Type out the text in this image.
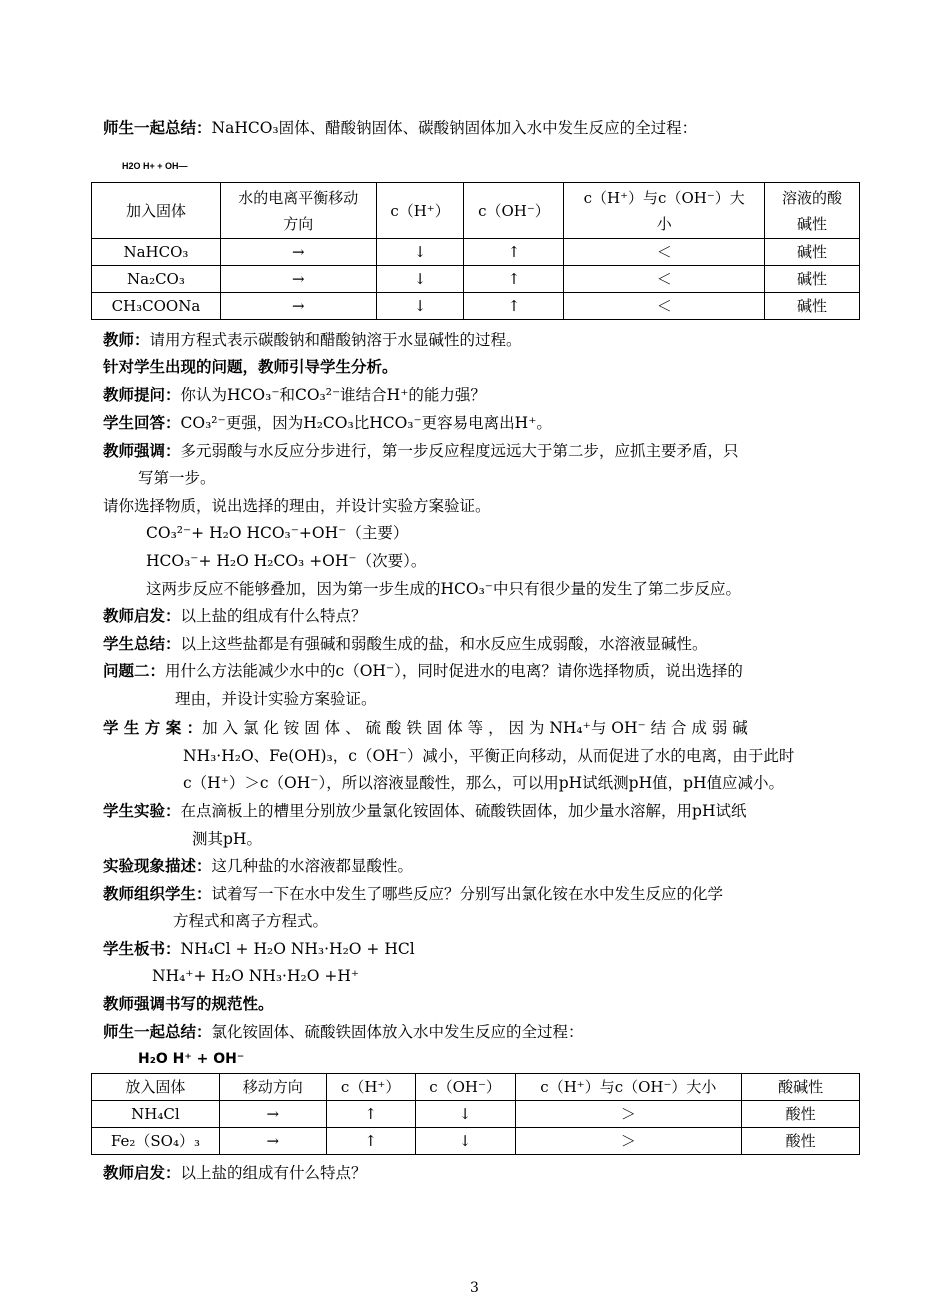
师生一起总结：NaHCO₃固体、醋酸钠固体、碳酸钠固体加入水中发生反应的全过程：
H2O H+ + OH—
加入固体	水的电离平衡移动方向	c（H⁺）	c（OH⁻）	c（H⁺）与c（OH⁻）大小	溶液的酸碱性
NaHCO₃	→	↓	↑	＜	碱性
Na₂CO₃	→	↓	↑	＜	碱性
CH₃COONa	→	↓	↑	＜	碱性
教师：请用方程式表示碳酸钠和醋酸钠溶于水显碱性的过程。
针对学生出现的问题，教师引导学生分析。
教师提问：你认为HCO₃⁻和CO₃²⁻谁结合H⁺的能力强？
学生回答：CO₃²⁻更强，因为H₂CO₃比HCO₃⁻更容易电离出H⁺。
教师强调：多元弱酸与水反应分步进行，第一步反应程度远远大于第二步，应抓主要矛盾，只
写第一步。
请你选择物质，说出选择的理由，并设计实验方案验证。
CO₃²⁻+ H₂O HCO₃⁻+OH⁻（主要）
HCO₃⁻+ H₂O H₂CO₃ +OH⁻（次要）。
这两步反应不能够叠加，因为第一步生成的HCO₃⁻中只有很少量的发生了第二步反应。
教师启发：以上盐的组成有什么特点？
学生总结：以上这些盐都是有强碱和弱酸生成的盐，和水反应生成弱酸，水溶液显碱性。
问题二：用什么方法能减少水中的c（OH⁻），同时促进水的电离？请你选择物质，说出选择的
理由，并设计实验方案验证。
学 生 方 案 ：加 入 氯 化 铵 固 体 、 硫 酸 铁 固 体 等 ， 因 为 NH₄⁺与 OH⁻ 结 合 成 弱 碱
NH₃·H₂O、Fe(OH)₃，c（OH⁻）减小，平衡正向移动，从而促进了水的电离，由于此时
c（H⁺）＞c（OH⁻），所以溶液显酸性，那么，可以用pH试纸测pH值，pH值应减小。
学生实验：在点滴板上的槽里分别放少量氯化铵固体、硫酸铁固体，加少量水溶解，用pH试纸
测其pH。
实验现象描述：这几种盐的水溶液都显酸性。
教师组织学生：试着写一下在水中发生了哪些反应？分别写出氯化铵在水中发生反应的化学
方程式和离子方程式。
学生板书：NH₄Cl + H₂O NH₃·H₂O + HCl
NH₄⁺+ H₂O NH₃·H₂O +H⁺
教师强调书写的规范性。
师生一起总结：氯化铵固体、硫酸铁固体放入水中发生反应的全过程：
H₂O H⁺ + OH⁻
放入固体	移动方向	c（H⁺）	c（OH⁻）	c（H⁺）与c（OH⁻）大小	酸碱性
NH₄Cl	→	↑	↓	＞	酸性
Fe₂（SO₄）₃	→	↑	↓	＞	酸性
教师启发：以上盐的组成有什么特点？
3
